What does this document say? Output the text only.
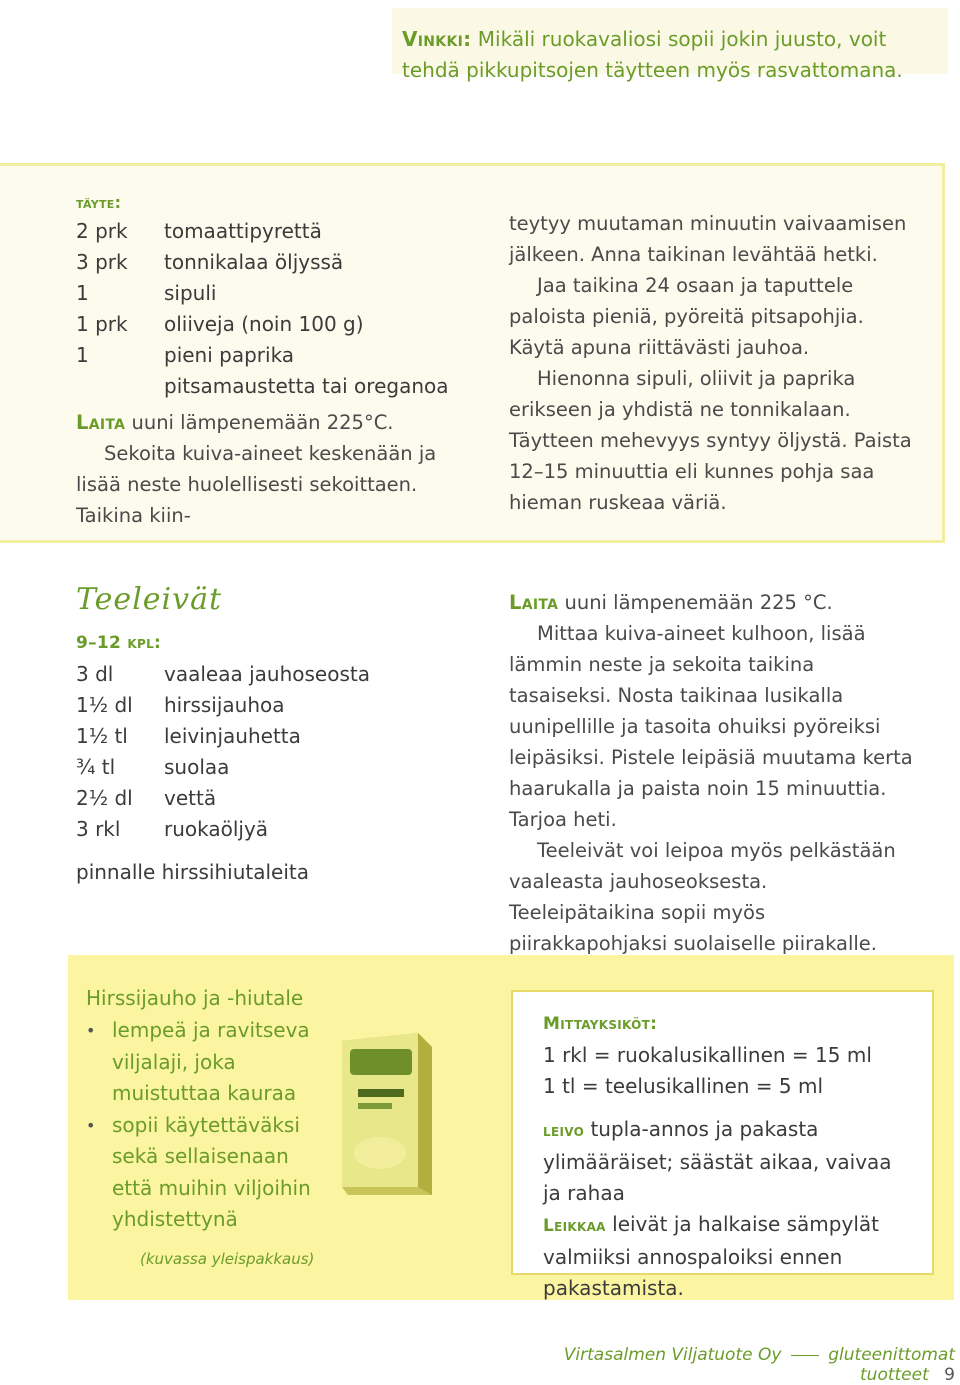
Vinkki: Mikäli ruokavaliosi sopii jokin juusto, voit tehdä pikkupitsojen täytteen myös rasvattomana.
täyte:
2 prk tomaattipyrettä
3 prk tonnikalaa öljyssä
1	sipuli
1 prk oliiveja (noin 100 g)
1	pieni paprika
pitsamaustetta tai oreganoa
Laita uuni lämpenemään 225°C.
Sekoita kuiva-aineet keskenään ja lisää neste huolellisesti sekoittaen. Taikina kiin-
teytyy muutaman minuutin vaivaamisen jälkeen. Anna taikinan levähtää hetki.
Jaa taikina 24 osaan ja taputtele paloista pieniä, pyöreitä pitsapohjia. Käytä apuna riittävästi jauhoa.
Hienonna sipuli, oliivit ja paprika erikseen ja yhdistä ne tonnikalaan. Täytteen mehevyys syntyy öljystä. Paista 12–15 minuuttia eli kunnes pohja saa hieman ruskeaa väriä.
Teeleivät
9–12 kpl:
3 dl	vaaleaa jauhoseosta
1½ dl hirssijauhoa
1½ tl leivinjauhetta
¾ tl suolaa
2½ dl vettä
3 rkl ruokaöljyä
pinnalle hirssihiutaleita
Laita uuni lämpenemään 225 °C.
Mittaa kuiva-aineet kulhoon, lisää lämmin neste ja sekoita taikina tasaiseksi. Nosta taikinaa lusikalla uunipellille ja tasoita ohuiksi pyöreiksi leipäsiksi. Pistele leipäsiä muutama kerta haarukalla ja paista noin 15 minuuttia. Tarjoa heti.
Teeleivät voi leipoa myös pelkästään vaaleasta jauhoseoksesta. Teeleipätaikina sopii myös piirakkapohjaksi suolaiselle piirakalle.
Hirssijauho ja -hiutale
• lempeä ja ravitseva viljalaji, joka muistuttaa kauraa
• sopii käytettäväksi sekä sellaisenaan että muihin viljoihin yhdistettynä
(kuvassa yleispakkaus)
Mittayksiköt:
1 rkl = ruokalusikallinen = 15 ml
1 tl = teelusikallinen = 5 ml
leivo tupla-annos ja pakasta ylimääräiset; säästät aikaa, vaivaa ja rahaa
Leikkaa leivät ja halkaise sämpylät valmiiksi annospaloiksi ennen pakastamista.
Virtasalmen Viljatuote Oy	gluteenittomat tuotteet 9
